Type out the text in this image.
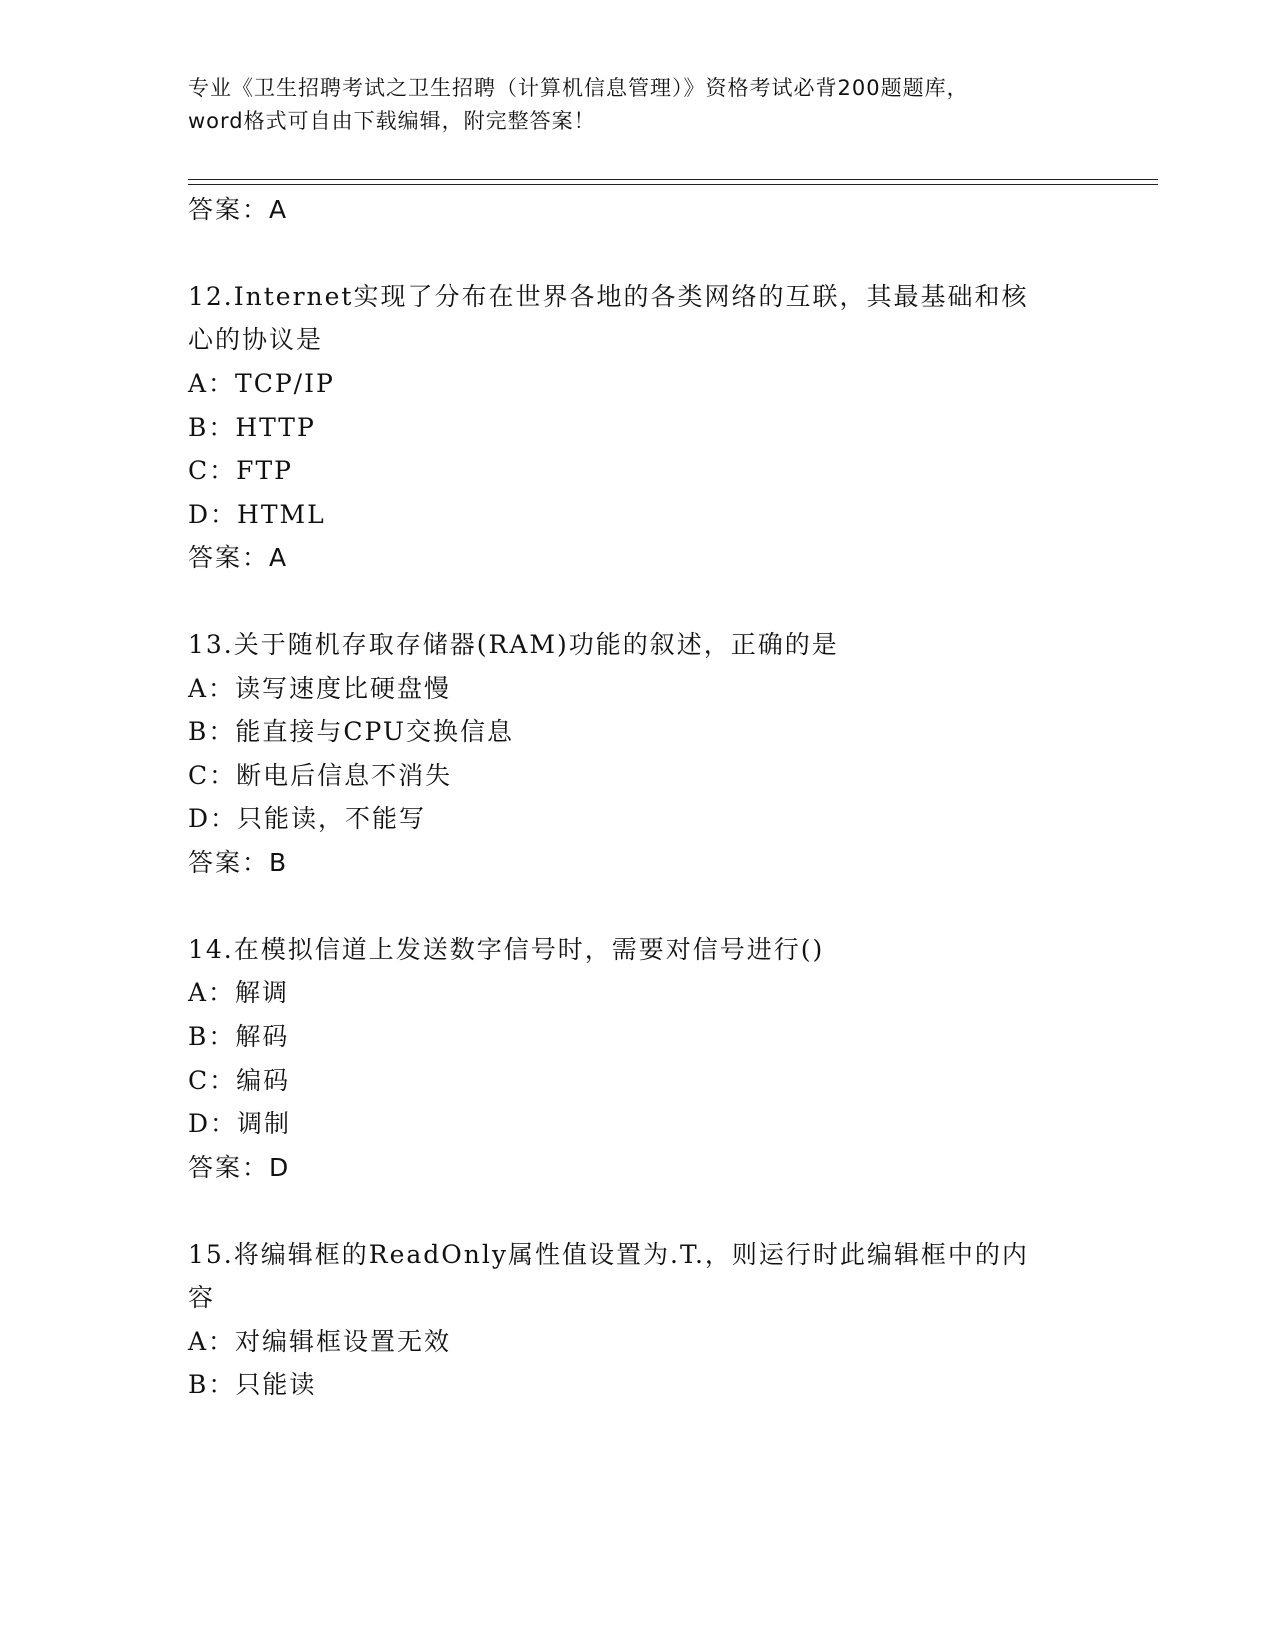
专业《卫生招聘考试之卫生招聘（计算机信息管理）》资格考试必背200题题库，
word格式可自由下载编辑，附完整答案！
答案：A
12.Internet实现了分布在世界各地的各类网络的互联，其最基础和核
心的协议是
A：TCP/IP
B：HTTP
C：FTP
D：HTML
答案：A
13.关于随机存取存储器(RAM)功能的叙述，正确的是
A：读写速度比硬盘慢
B：能直接与CPU交换信息
C：断电后信息不消失
D：只能读，不能写
答案：B
14.在模拟信道上发送数字信号时，需要对信号进行()
A：解调
B：解码
C：编码
D：调制
答案：D
15.将编辑框的ReadOnly属性值设置为.T.，则运行时此编辑框中的内
容
A：对编辑框设置无效
B：只能读
